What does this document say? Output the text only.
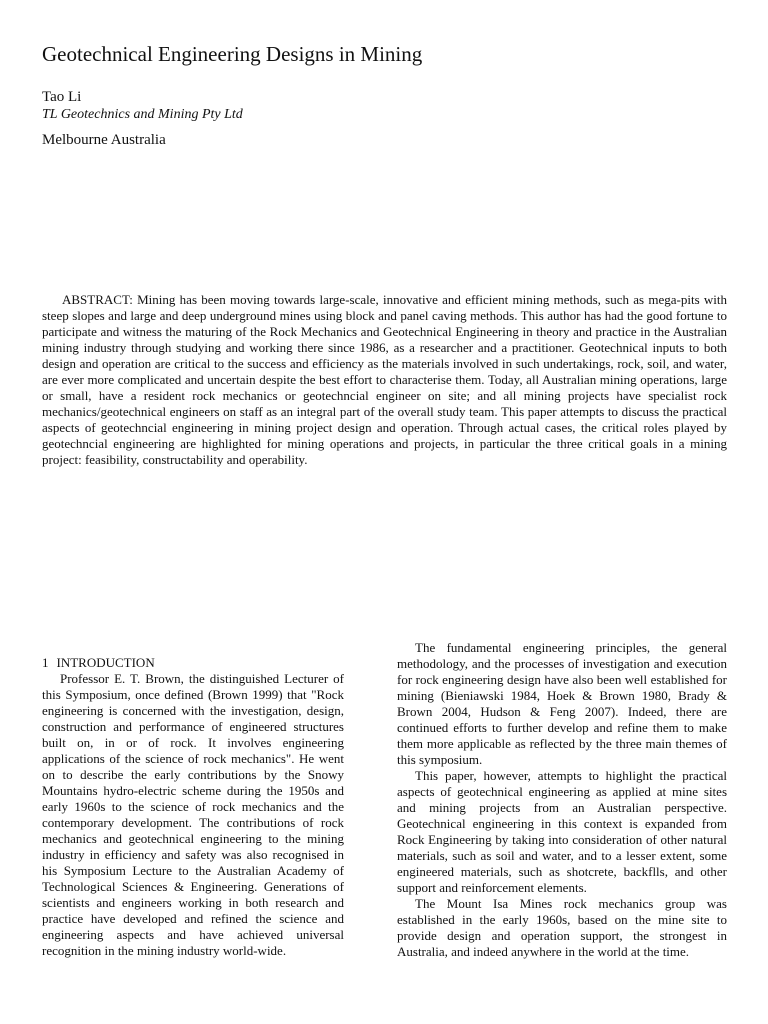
Geotechnical Engineering Designs in Mining
Tao Li
TL Geotechnics and Mining Pty Ltd
Melbourne Australia

ABSTRACT: Mining has been moving towards large-scale, innovative and efficient mining methods, such as mega-pits with steep slopes and large and deep underground mines using block and panel caving methods. This author has had the good fortune to participate and witness the maturing of the Rock Mechanics and Geotechnical Engineering in theory and practice in the Australian mining industry through studying and working there since 1986, as a researcher and a practitioner. Geotechnical inputs to both design and operation are critical to the success and efficiency as the materials involved in such undertakings, rock, soil, and water, are ever more complicated and uncertain despite the best effort to characterise them. Today, all Australian mining operations, large or small, have a resident rock mechanics or geotechncial engineer on site; and all mining projects have specialist rock mechanics/geotechnical engineers on staff as an integral part of the overall study team. This paper attempts to discuss the practical aspects of geotechncial engineering in mining project design and operation. Through actual cases, the critical roles played by geotechncial engineering are highlighted for mining operations and projects, in particular the three critical goals in a mining project: feasibility, constructability and operability.

1 INTRODUCTION

Professor E. T. Brown, the distinguished Lecturer of this Symposium, once defined (Brown 1999) that "Rock engineering is concerned with the investigation, design, construction and performance of engineered structures built on, in or of rock. It involves engineering applications of the science of rock mechanics". He went on to describe the early contributions by the Snowy Mountains hydro-electric scheme during the 1950s and early 1960s to the science of rock mechanics and the contemporary development. The contributions of rock mechanics and geotechnical engineering to the mining industry in efficiency and safety was also recognised in his Symposium Lecture to the Australian Academy of Technological Sciences & Engineering. Generations of scientists and engineers working in both research and practice have developed and refined the science and engineering aspects and have achieved universal recognition in the mining industry world-wide.

The fundamental engineering principles, the general methodology, and the processes of investigation and execution for rock engineering design have also been well established for mining (Bieniawski 1984, Hoek & Brown 1980, Brady & Brown 2004, Hudson & Feng 2007). Indeed, there are continued efforts to further develop and refine them to make them more applicable as reflected by the three main themes of this symposium.

This paper, however, attempts to highlight the practical aspects of geotechnical engineering as applied at mine sites and mining projects from an Australian perspective. Geotechnical engineering in this context is expanded from Rock Engineering by taking into consideration of other natural materials, such as soil and water, and to a lesser extent, some engineered materials, such as shotcrete, backflls, and other support and reinforcement elements.

The Mount Isa Mines rock mechanics group was established in the early 1960s, based on the mine site to provide design and operation support, the strongest in Australia, and indeed anywhere in the world at the time.
